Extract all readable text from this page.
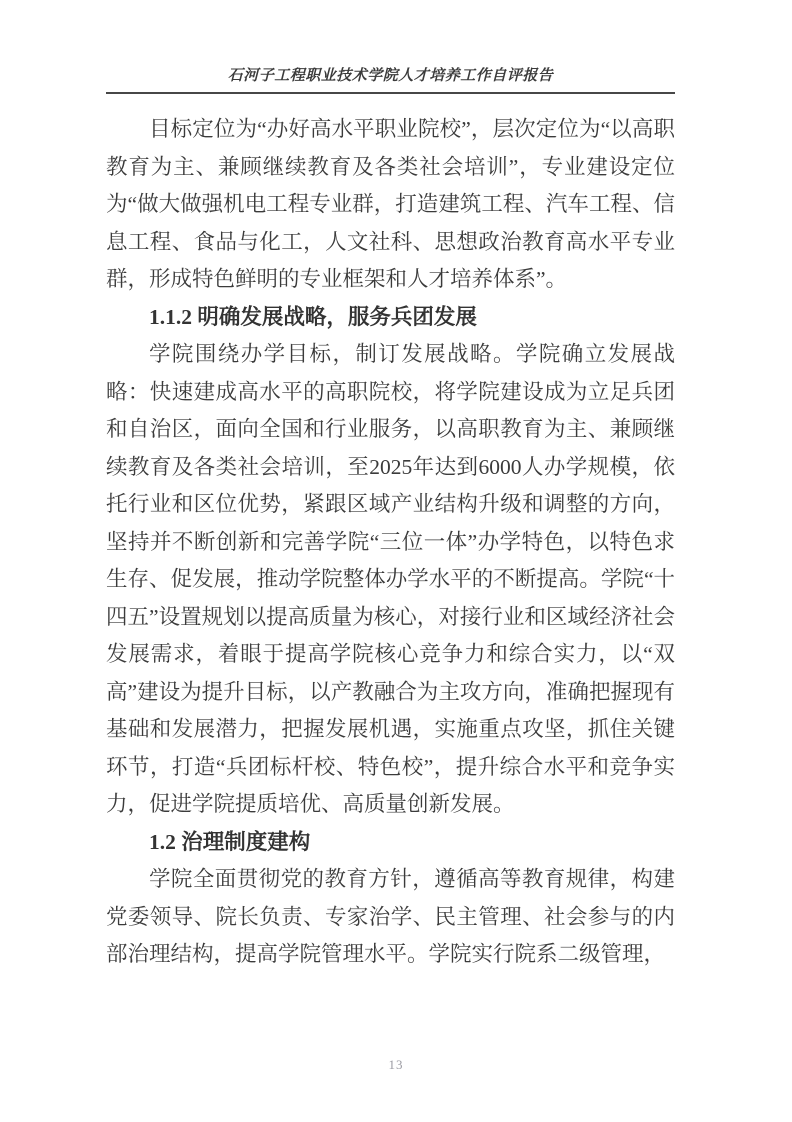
石河子工程职业技术学院人才培养工作自评报告

目标定位为“办好高水平职业院校”，层次定位为“以高职教育为主、兼顾继续教育及各类社会培训”，专业建设定位为“做大做强机电工程专业群，打造建筑工程、汽车工程、信息工程、食品与化工，人文社科、思想政治教育高水平专业群，形成特色鲜明的专业框架和人才培养体系”。

1.1.2 明确发展战略，服务兵团发展

学院围绕办学目标，制订发展战略。学院确立发展战略：快速建成高水平的高职院校，将学院建设成为立足兵团和自治区，面向全国和行业服务，以高职教育为主、兼顾继续教育及各类社会培训，至2025年达到6000人办学规模，依托行业和区位优势，紧跟区域产业结构升级和调整的方向，坚持并不断创新和完善学院“三位一体”办学特色，以特色求生存、促发展，推动学院整体办学水平的不断提高。学院“十四五”设置规划以提高质量为核心，对接行业和区域经济社会发展需求，着眼于提高学院核心竞争力和综合实力，以“双高”建设为提升目标，以产教融合为主攻方向，准确把握现有基础和发展潜力，把握发展机遇，实施重点攻坚，抓住关键环节，打造“兵团标杆校、特色校”，提升综合水平和竞争实力，促进学院提质培优、高质量创新发展。

1.2 治理制度建构

学院全面贯彻党的教育方针，遵循高等教育规律，构建党委领导、院长负责、专家治学、民主管理、社会参与的内部治理结构，提高学院管理水平。学院实行院系二级管理，

13
